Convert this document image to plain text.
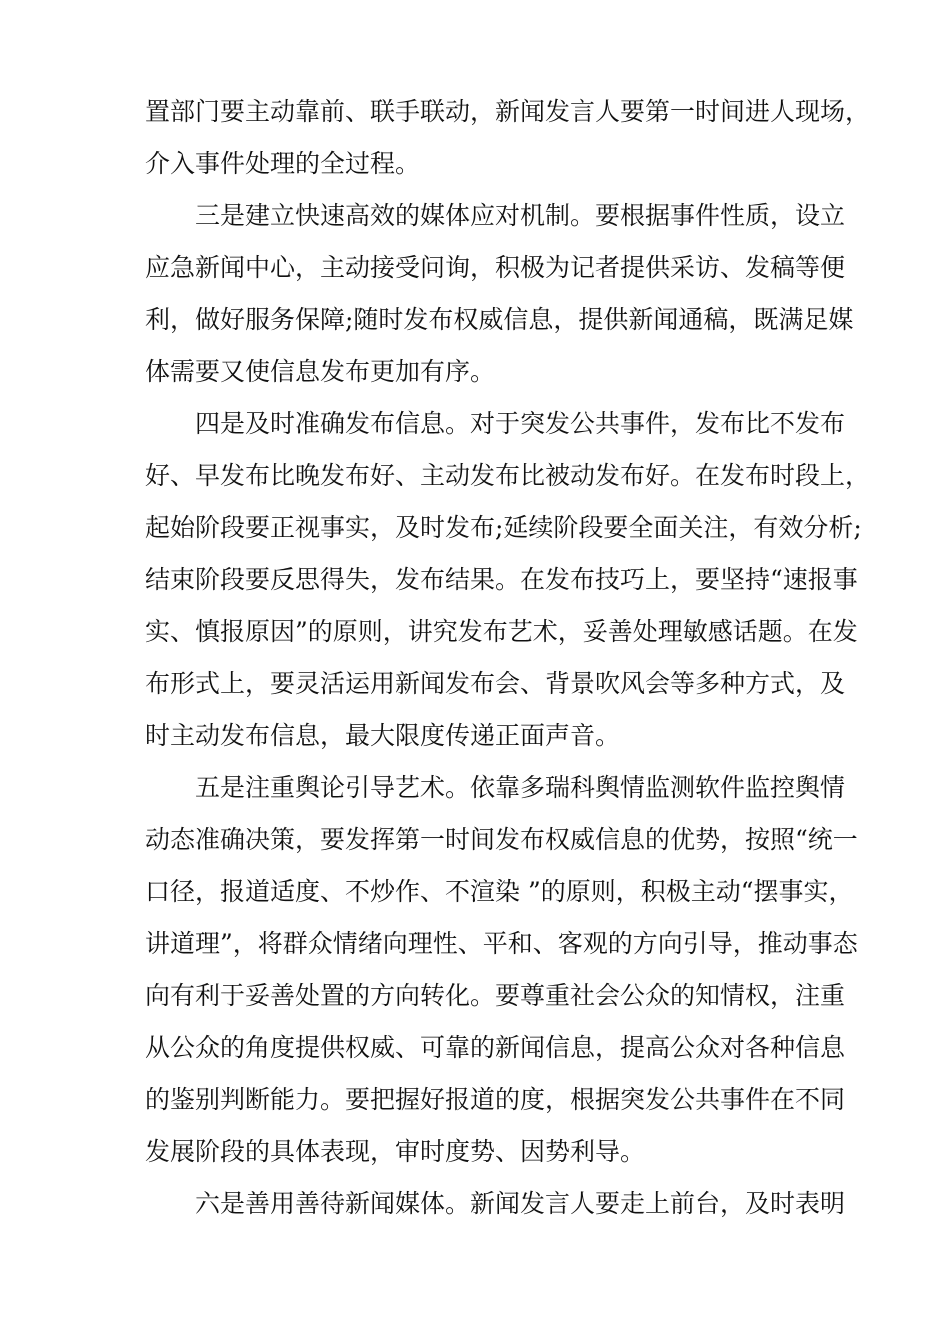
置部门要主动靠前、联手联动，新闻发言人要第一时间进人现场，
介入事件处理的全过程。
三是建立快速高效的媒体应对机制。要根据事件性质，设立
应急新闻中心，主动接受问询，积极为记者提供采访、发稿等便
利，做好服务保障;随时发布权威信息，提供新闻通稿，既满足媒
体需要又使信息发布更加有序。
四是及时准确发布信息。对于突发公共事件，发布比不发布
好、早发布比晚发布好、主动发布比被动发布好。在发布时段上，
起始阶段要正视事实，及时发布;延续阶段要全面关注，有效分析;
结束阶段要反思得失，发布结果。在发布技巧上，要坚持“速报事
实、慎报原因”的原则，讲究发布艺术，妥善处理敏感话题。在发
布形式上，要灵活运用新闻发布会、背景吹风会等多种方式，及
时主动发布信息，最大限度传递正面声音。
五是注重舆论引导艺术。依靠多瑞科舆情监测软件监控舆情
动态准确决策，要发挥第一时间发布权威信息的优势，按照“统一
口径，报道适度、不炒作、不渲染 ”的原则，积极主动“摆事实，
讲道理”，将群众情绪向理性、平和、客观的方向引导，推动事态
向有利于妥善处置的方向转化。要尊重社会公众的知情权，注重
从公众的角度提供权威、可靠的新闻信息，提高公众对各种信息
的鉴别判断能力。要把握好报道的度，根据突发公共事件在不同
发展阶段的具体表现，审时度势、因势利导。
六是善用善待新闻媒体。新闻发言人要走上前台，及时表明
